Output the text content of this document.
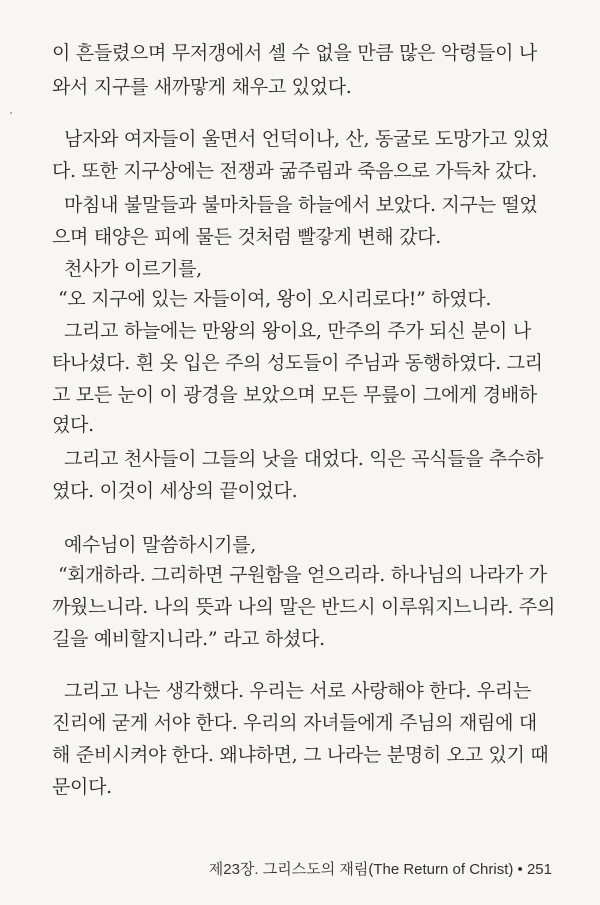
이 흔들렸으며 무저갱에서 셀 수 없을 만큼 많은 악령들이 나
와서 지구를 새까맣게 채우고 있었다.
남자와 여자들이 울면서 언덕이나, 산, 동굴로 도망가고 있었
다. 또한 지구상에는 전쟁과 굶주림과 죽음으로 가득차 갔다.
마침내 불말들과 불마차들을 하늘에서 보았다. 지구는 떨었
으며 태양은 피에 물든 것처럼 빨갛게 변해 갔다.
천사가 이르기를,
“오 지구에 있는 자들이여, 왕이 오시리로다!” 하였다.
그리고 하늘에는 만왕의 왕이요, 만주의 주가 되신 분이 나
타나셨다. 흰 옷 입은 주의 성도들이 주님과 동행하였다. 그리
고 모든 눈이 이 광경을 보았으며 모든 무릎이 그에게 경배하
였다.
그리고 천사들이 그들의 낫을 대었다. 익은 곡식들을 추수하
였다. 이것이 세상의 끝이었다.
예수님이 말씀하시기를,
“회개하라. 그리하면 구원함을 얻으리라. 하나님의 나라가 가
까웠느니라. 나의 뜻과 나의 말은 반드시 이루워지느니라. 주의
길을 예비할지니라.” 라고 하셨다.
그리고 나는 생각했다. 우리는 서로 사랑해야 한다. 우리는
진리에 굳게 서야 한다. 우리의 자녀들에게 주님의 재림에 대
해 준비시켜야 한다. 왜냐하면, 그 나라는 분명히 오고 있기 때
문이다.
제23장. 그리스도의 재림(The Return of Christ) • 251
